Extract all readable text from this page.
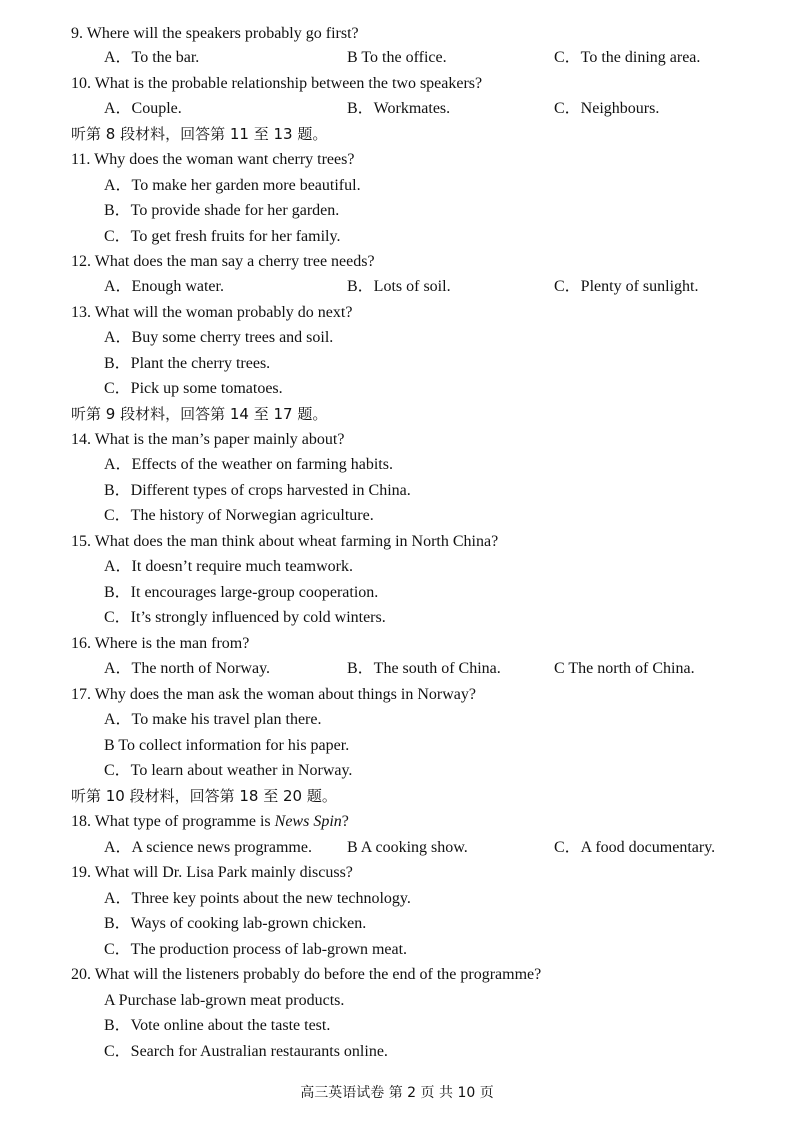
9. Where will the speakers probably go first?
A．To the bar.	B To the office.	C．To the dining area.
10. What is the probable relationship between the two speakers?
A．Couple.	B．Workmates.	C．Neighbours.
听第 8 段材料，回答第 11 至 13 题。
11. Why does the woman want cherry trees?
A．To make her garden more beautiful.
B．To provide shade for her garden.
C．To get fresh fruits for her family.
12. What does the man say a cherry tree needs?
A．Enough water.	B．Lots of soil.	C．Plenty of sunlight.
13. What will the woman probably do next?
A．Buy some cherry trees and soil.
B．Plant the cherry trees.
C．Pick up some tomatoes.
听第 9 段材料，回答第 14 至 17 题。
14. What is the man’s paper mainly about?
A．Effects of the weather on farming habits.
B．Different types of crops harvested in China.
C．The history of Norwegian agriculture.
15. What does the man think about wheat farming in North China?
A．It doesn’t require much teamwork.
B．It encourages large-group cooperation.
C．It’s strongly influenced by cold winters.
16. Where is the man from?
A．The north of Norway.	B．The south of China.	C The north of China.
17. Why does the man ask the woman about things in Norway?
A．To make his travel plan there.
B To collect information for his paper.
C．To learn about weather in Norway.
听第 10 段材料，回答第 18 至 20 题。
18. What type of programme is News Spin?
A．A science news programme. B A cooking show.	C．A food documentary.
19. What will Dr. Lisa Park mainly discuss?
A．Three key points about the new technology.
B．Ways of cooking lab-grown chicken.
C．The production process of lab-grown meat.
20. What will the listeners probably do before the end of the programme?
A Purchase lab-grown meat products.
B．Vote online about the taste test.
C．Search for Australian restaurants online.
高三英语试卷 第 2 页 共 10 页
